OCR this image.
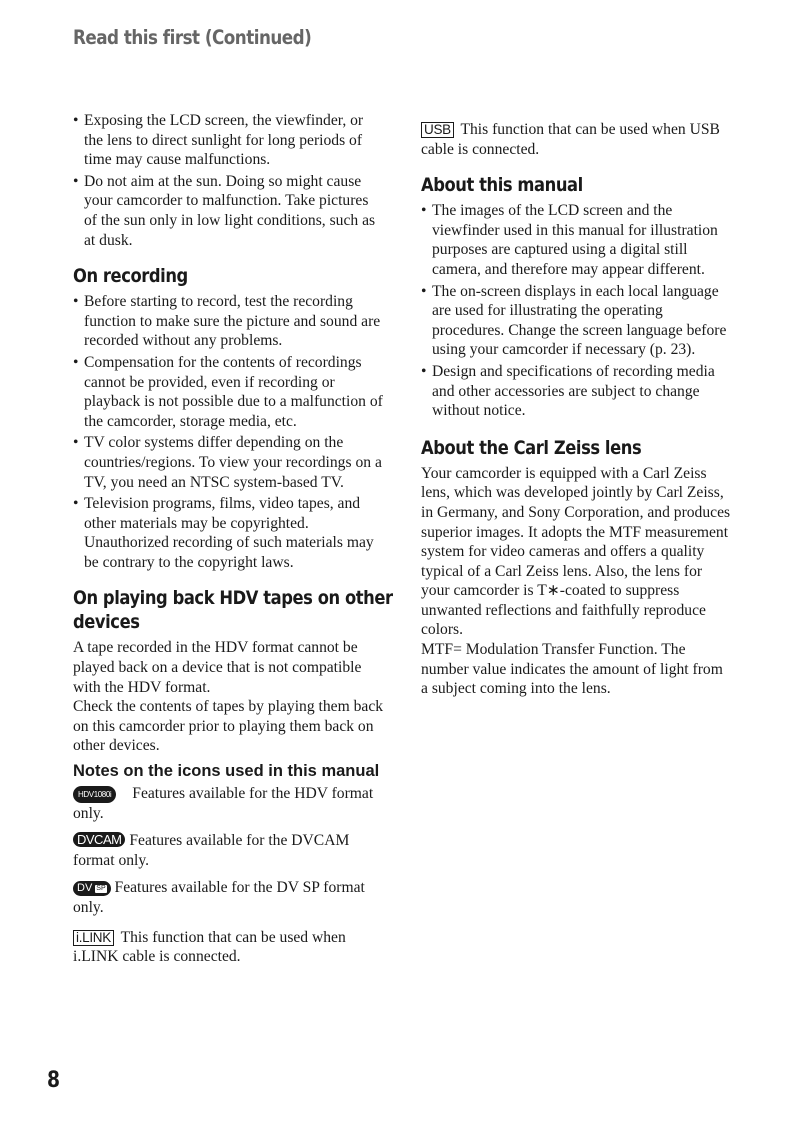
Read this first (Continued)
• Exposing the LCD screen, the viewfinder, or the lens to direct sunlight for long periods of time may cause malfunctions.
• Do not aim at the sun. Doing so might cause your camcorder to malfunction. Take pictures of the sun only in low light conditions, such as at dusk.
On recording
• Before starting to record, test the recording function to make sure the picture and sound are recorded without any problems.
• Compensation for the contents of recordings cannot be provided, even if recording or playback is not possible due to a malfunction of the camcorder, storage media, etc.
• TV color systems differ depending on the countries/regions. To view your recordings on a TV, you need an NTSC system-based TV.
• Television programs, films, video tapes, and other materials may be copyrighted. Unauthorized recording of such materials may be contrary to the copyright laws.
On playing back HDV tapes on other
devices

A tape recorded in the HDV format cannot be played back on a device that is not compatible with the HDV format.

Check the contents of tapes by playing them back on this camcorder prior to playing them back on other devices.

Notes on the icons used in this manual

HDV1080i Features available for the HDV format only.

DVCAM Features available for the DVCAM format only.

DV SP Features available for the DV SP format only.

i.LINK This function that can be used when i.LINK cable is connected.

USB This function that can be used when USB cable is connected.

About this manual
• The images of the LCD screen and the viewfinder used in this manual for illustration purposes are captured using a digital still camera, and therefore may appear different.
• The on-screen displays in each local language are used for illustrating the operating procedures. Change the screen language before using your camcorder if necessary (p. 23).
• Design and specifications of recording media and other accessories are subject to change without notice.
About the Carl Zeiss lens

Your camcorder is equipped with a Carl Zeiss lens, which was developed jointly by Carl Zeiss, in Germany, and Sony Corporation, and produces superior images. It adopts the MTF measurement system for video cameras and offers a quality typical of a Carl Zeiss lens. Also, the lens for your camcorder is T∗-coated to suppress unwanted reflections and faithfully reproduce colors.

MTF= Modulation Transfer Function. The number value indicates the amount of light from a subject coming into the lens.

8
